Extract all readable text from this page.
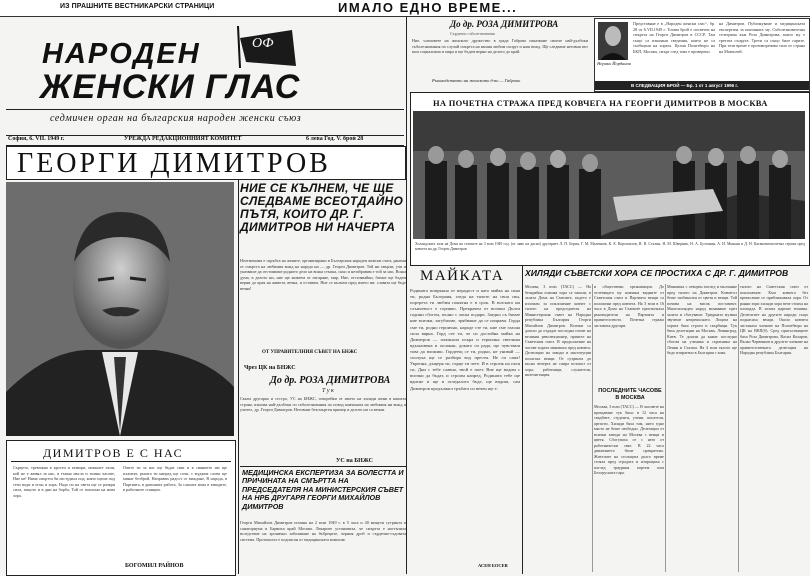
ИЗ ПРАШНИТЕ ВЕСТНИКАРСКИ СТРАНИЦИ	ИМАЛО ЕДНО ВРЕМЕ...
НАРОДЕН
ЖЕНСКИ ГЛАС
ОФ
седмичен орган на българския народен женски съюз
София, 6. VII. 1949 г.	УРЕЖДА РЕДАКЦИОННИЯТ КОМИТЕТ	6 лева Год. V. брой 28
ГЕОРГИ ДИМИТРОВ
ДИМИТРОВ Е С НАС
Сърцето, тревожно в ярости и затвори, нежните лъчи, кой не е живял за нас, в тъмна мъгла и тъмни часове, Ние не! Нима смъртта би изстудила под, която щеше под тези води и огън и хора, Надо по на света ще се разкри сила, защото и в дни на борба, Той се поклони на нова зора.
Очите ти за нас ще бъдат свят и в сиянието им ще пламтят, ръката ти напред ще сочи, с муджик слова ще минат безброй, Направих радост се виждане, В народа, в Партията, в днешната работа, За сляхата зима в заводите, в работните станции.
БОГОМИЛ РАЙНОВ
НИЕ СЕ КЪЛНЕМ, ЧЕ ЩЕ СЛЕДВАМЕ ВСЕОТДАЙНО ПЪТЯ, КОИТО ДР. Г. ДИМИТРОВ НИ НАЧЕРТА
Неотменима е скръбта на жените, организирани в Българския народен женски съюз, ранени от смъртта на любимия вожд на народа ни — др. Георги Димитров. Той ни хвърли, учи и указваше да отстояваме родното дело на всяка стъпка, скъп и незабравим е той за нас, Всяка дума, в делото ни, ние ще живеем от изгаряне, мир, Ние, отстоявайки, бихме ще бъдем верни до края на живота, вечна, и оставим. Ние се кълнем пред името ви: славата ще бъде вечна!
ОТ УПРАВИТЕЛНИЯ СЪВЕТ НА БНЖС
Чрез ЦК на БНЖС
До др. РОЗА ДИМИТРОВА
Т у к
Скъпа другарко и сестро, УС на БНЖС, говорейки от името на хиляди жени в нашата страна, изказва най-дълбоки си съболезнования по повод кончината на любимия ни вожд и учител, др. Георги Димитров. Неговият безсмъртен пример и делото ни са вечни.
УС на БНЖС
МЕДИЦИНСКА ЕКСПЕРТИЗА ЗА БОЛЕСТТА И ПРИЧИНАТА НА СМЪРТТА НА ПРЕДСЕДАТЕЛЯ НА МИНИСТЕРСКИЯ СЪВЕТ НА НРБ ДРУГАРЯ ГЕОРГИ МИХАЙЛОВ ДИМИТРОВ
Георги Михайлов Димитров почина на 2 юли 1949 г. в 5 часа и 40 минути сутринта в санаториума в Барвиха край Москва. Лекарите установиха, че смъртта е настъпила вследствие на хронично заболяване на бъбреците, черния дроб и сърдечно-съдовата система. Протоколът е подписан от медицинската комисия.
До др. РОЗА ДИМИТРОВА
Сърдечно съболезнования
Ние, членовете на женското дружество в града Габрово изказваме своите най-дълбоки съболезнования по случай смъртта на вашия любим съпруг и наш вожд. Ще следваме неговия път към социализма и мира и ще бъдем верни на делото до край.
Ръководството на женското д-во — Габрово
Нерико Йорданов
Представяне е в „Народен женски глас“, бр. 28 от 6.VII.1949 г. Тогава брой е посветен на смъртта на Георги Димитров в СССР. Там също са изказани сведения, които не са съобщени на хората. Целия Политбюро на БКП, Москва, смърт след това е проверено.
на Димитров. Публикуваме и медицинската експертиза за кончината му. Съболезнователна телеграма към Роза Димитрова, които му е третата съпруга. Трети са също биле гарите. При тези време е противоречиво тяло от страна на Мавзолей.
В СЛЕДВАЩИЯ БРОЙ — Бр. 1 от 1 август 1996 г.
НА ПОЧЕТНА СТРАЖА ПРЕД КОВЧЕГА НА ГЕОРГИ ДИМИТРОВ В МОСКВА
Холандската зала на Дома на съюзите на 3 юли 1949 год. (от ляво на дясно) другарите Л. П. Берия, Г. М. Маленков, К. Е. Ворошилов, И. В. Сталин, Н. М. Шверник, Н. А. Булганин, А. И. Микоян и Д. Н. Кагановичпочетна стража пред ковчега на др. Георги Димитров
МАЙКАТА
Родината помръкна от нерадост и като майка на сина ти, родна Бълграия, гледа на тялото на своя син, портрета ти любим понятна е в срок. В юлската ни слънчевост е горчиво. Прекрачен от всички Дълги години сбогом, пълно с ласка подари. Заедно съ бяхме ние всички, загубихме, трябваше да се изправи. Горда сме ти, родно героично, народе сте ти, ние сме гласна сила вярна. Горд сее ти, че си достойна майка на Димитров — пламнала искра и героична светлина вдъхновена и оплакан, докато си рада, ще чувстваш това да вложиш. Гордеещ се ти, родно, не унивай — сполука ще се разбира вод пресен. Не си сама! Укрепна, дъщеря ти, сърце ти чете. И в строеж на пътя си, Дни с тебе славна, твой е поет. Вие ще водим с всички да бъдат, и строим напред, Родината тебе ще вдигне и ще в огледалото бъде, ще видиш, сам Димитров продължил тръбата си вечен ще е.
АСЕН БОСЕВ
ХИЛЯДИ СЪВЕТСКИ ХОРА СЕ ПРОСТИХА С ДР. Г. ДИМИТРОВ
Москва, 3 юли (ТАСС) — На безкрайна опашка хора са чакали, в залата Дома на Съюзите, където е изложен за поклонение ковчег с тялото на председателя на Министерския съвет на Народна република България Георги Михайлов Димитров. Всички са дошли да отдадат последна почит на великия революционер, приятел на Съветския съюз. В продължение на часове хората минаваха пред ковчега. Делегации на заводи и институции полагаха венци. От сутринта до късно вечерта не спира потокът от хора, работници, служители, интелигенция.
и обществени организации. До отлетящата му кончина видните от Съветския съюз и Партията венци са положени пред ковчега. На 3 юли в 16 часа в Дома на Съюзите пристигнаха ръководители на Партията и правителството. Почетна стража заставаха другари.
ПОСЛЕДНИТЕ ЧАСОВЕ В МОСКВА
Москва, 3 юли (ТАСС) — В часовете на прощаване тук бяха: в 12 часа на свадбите, студенти, учени, писатели, артисти. Хиляди бяха там, нито едно място не беше свободно. Делегации от всички заводи на Москва с венци и цветя. Сбогуваха се с него от работнически свят. В 22 часа движението беше прекратено. Жителите на столицата дълго време стояха пред сградата и изпращаха с поглед траурния кортеж към Белоруската гара.
Минаваха с отворен поглед и мълчание пред тялото на Димитров. Ковчегът беше заобиколен от цветя и венци. Той почива на висок постамент. Многохиляден народ минаваше през залата и сбогуваше. Траурната музика звучеше непрекъснато. Лицата на хората бяха строги и скърбящи. Тук бяха делегации на Москва, Ленинград, Киев. Те дошли да кажат последно сбогом на ученика и съратника на Ленин и Сталин. На 4 юли тялото ще бъде изпратено в България с влак.
тялото на Съветския съюз от поклонение. Към ковчега без прекъсване се приближаваха хора. От ранни зори хиляди хора вече стояха на площада. В залата цареше тишина. Делегатите на другите народи също поднасяха венци. Около ковчега застанаха членове на Политбюро на ЦК на ВКП(б). Сред присъстващите бяха Роза Димитрова, Васил Коларов, Вълко Червенков и другите членове на правителствената делегация на Народна република България.
